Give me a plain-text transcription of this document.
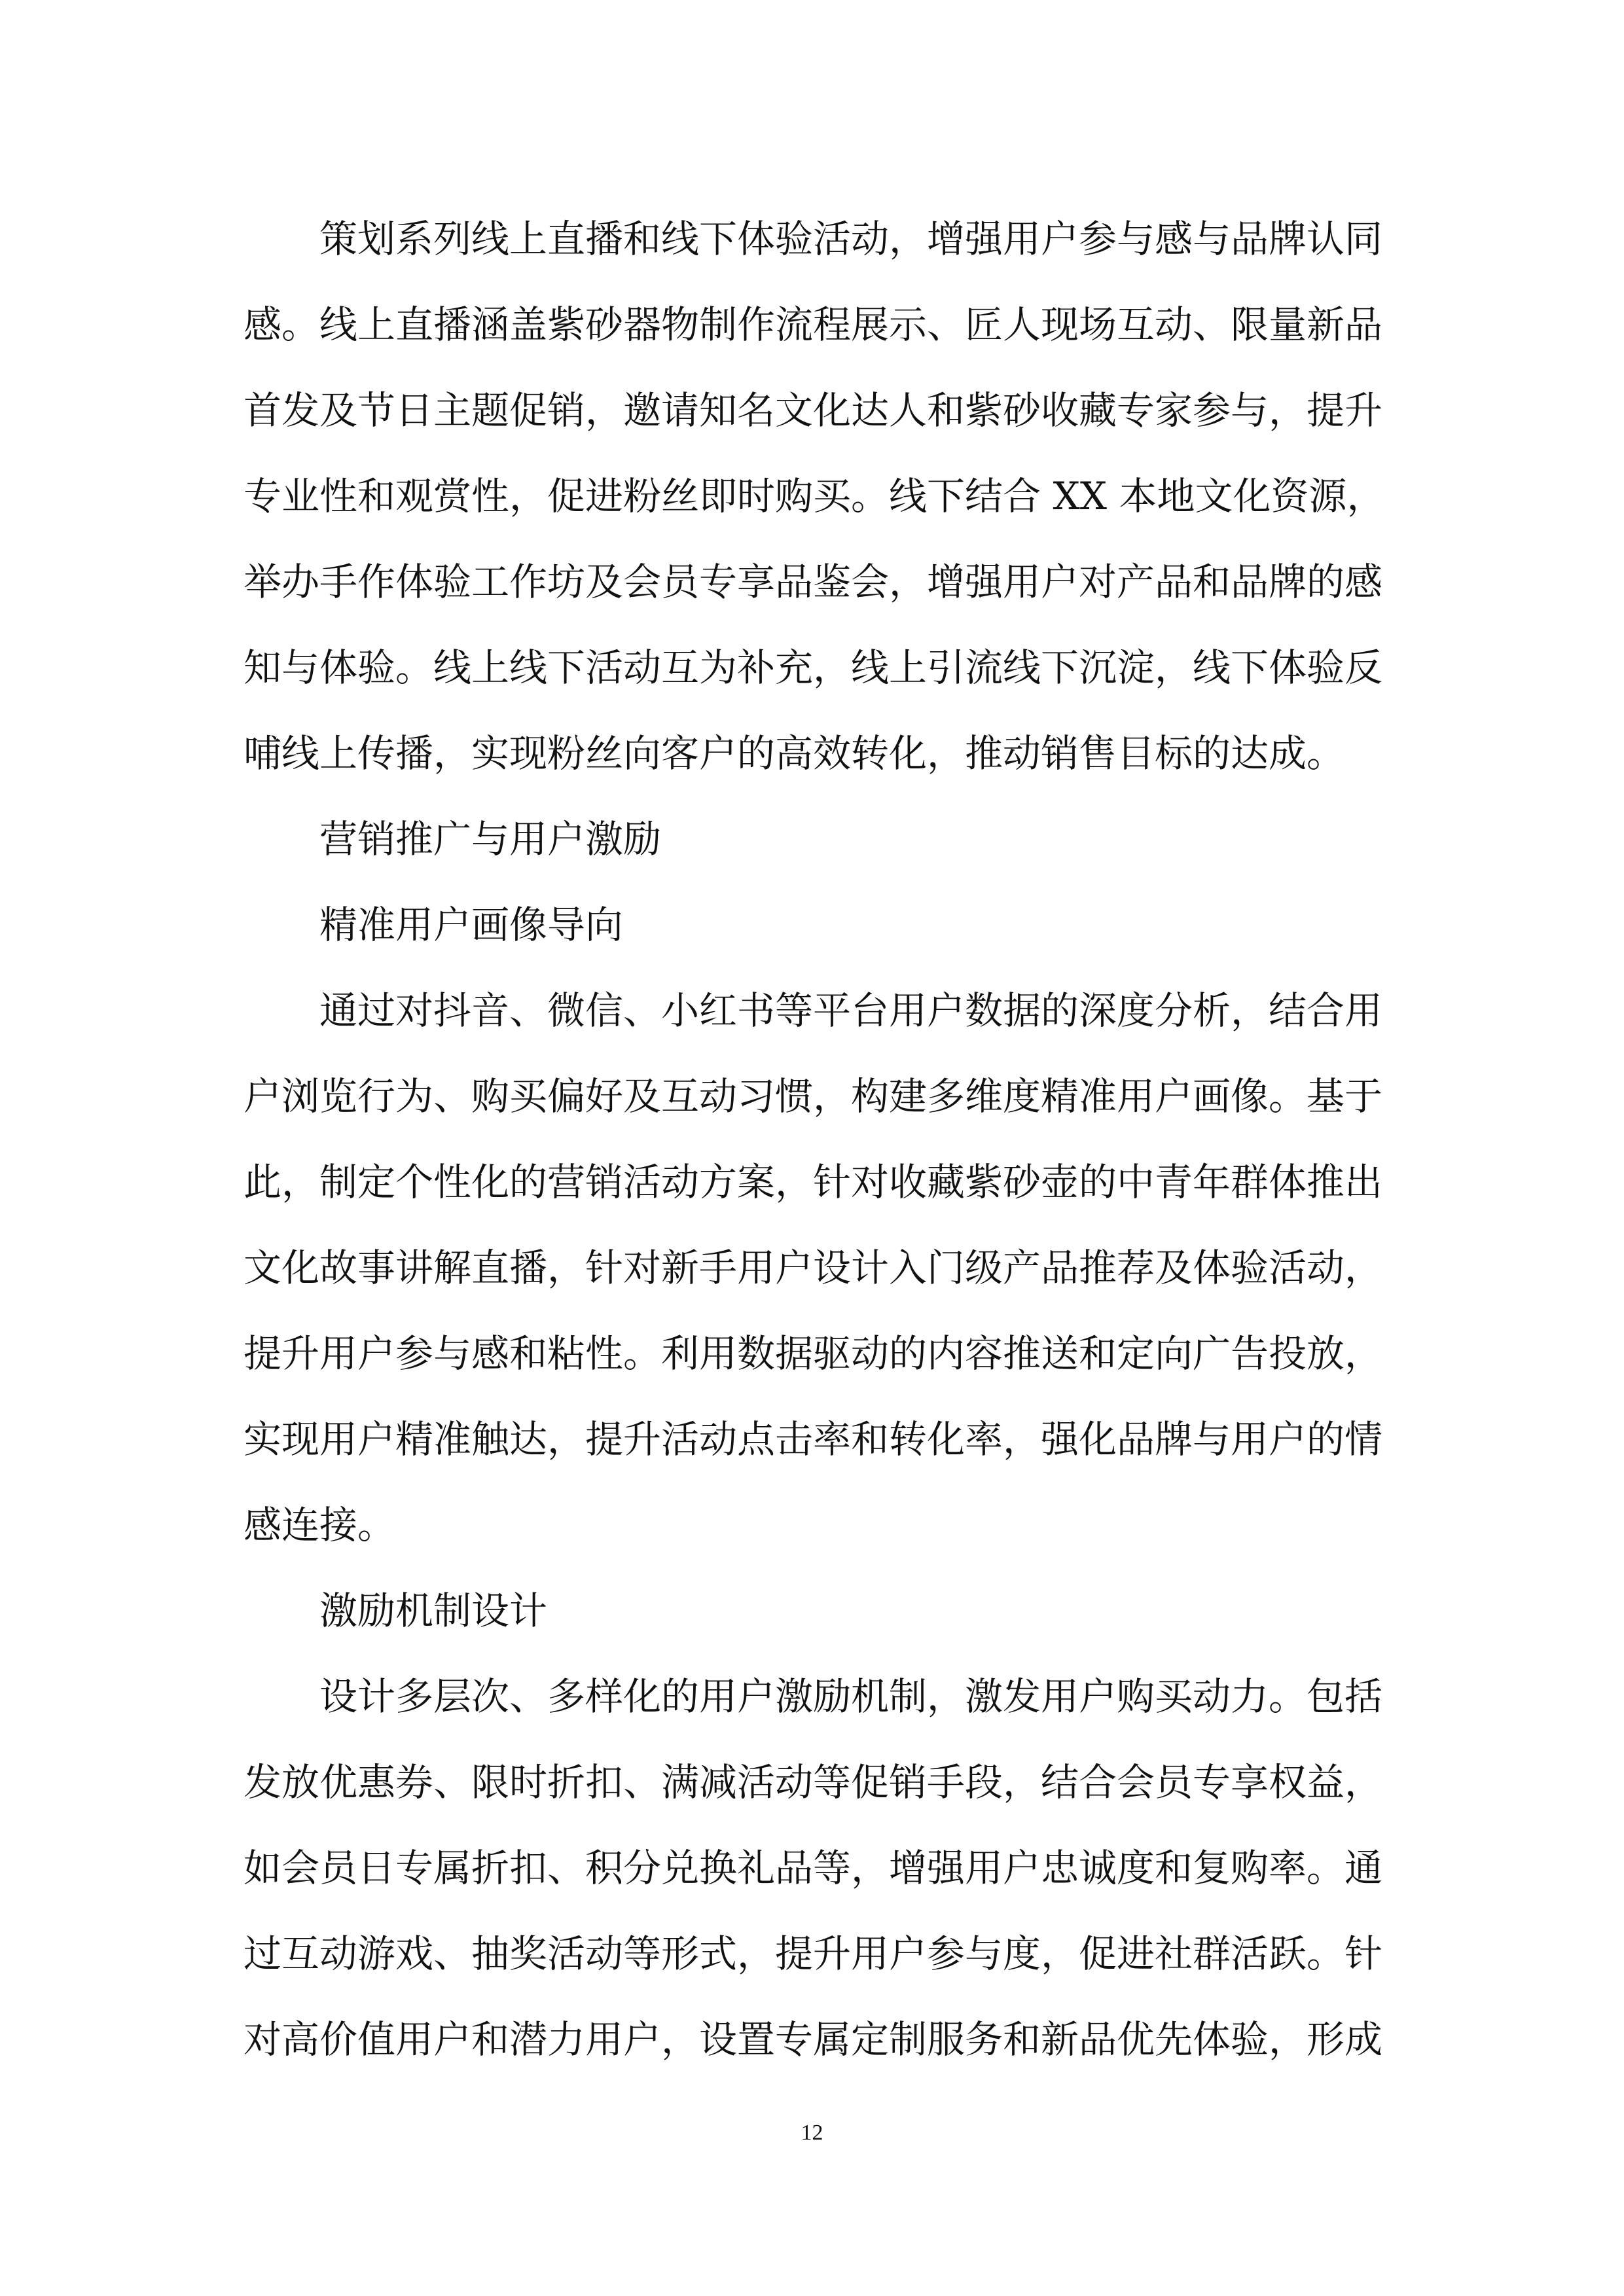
策划系列线上直播和线下体验活动，增强用户参与感与品牌认同
感。线上直播涵盖紫砂器物制作流程展示、匠人现场互动、限量新品
首发及节日主题促销，邀请知名文化达人和紫砂收藏专家参与，提升
专业性和观赏性，促进粉丝即时购买。线下结合 XX 本地文化资源，
举办手作体验工作坊及会员专享品鉴会，增强用户对产品和品牌的感
知与体验。线上线下活动互为补充，线上引流线下沉淀，线下体验反
哺线上传播，实现粉丝向客户的高效转化，推动销售目标的达成。
营销推广与用户激励
精准用户画像导向
通过对抖音、微信、小红书等平台用户数据的深度分析，结合用
户浏览行为、购买偏好及互动习惯，构建多维度精准用户画像。基于
此，制定个性化的营销活动方案，针对收藏紫砂壶的中青年群体推出
文化故事讲解直播，针对新手用户设计入门级产品推荐及体验活动，
提升用户参与感和粘性。利用数据驱动的内容推送和定向广告投放，
实现用户精准触达，提升活动点击率和转化率，强化品牌与用户的情
感连接。
激励机制设计
设计多层次、多样化的用户激励机制，激发用户购买动力。包括
发放优惠券、限时折扣、满减活动等促销手段，结合会员专享权益，
如会员日专属折扣、积分兑换礼品等，增强用户忠诚度和复购率。通
过互动游戏、抽奖活动等形式，提升用户参与度，促进社群活跃。针
对高价值用户和潜力用户，设置专属定制服务和新品优先体验，形成
12
